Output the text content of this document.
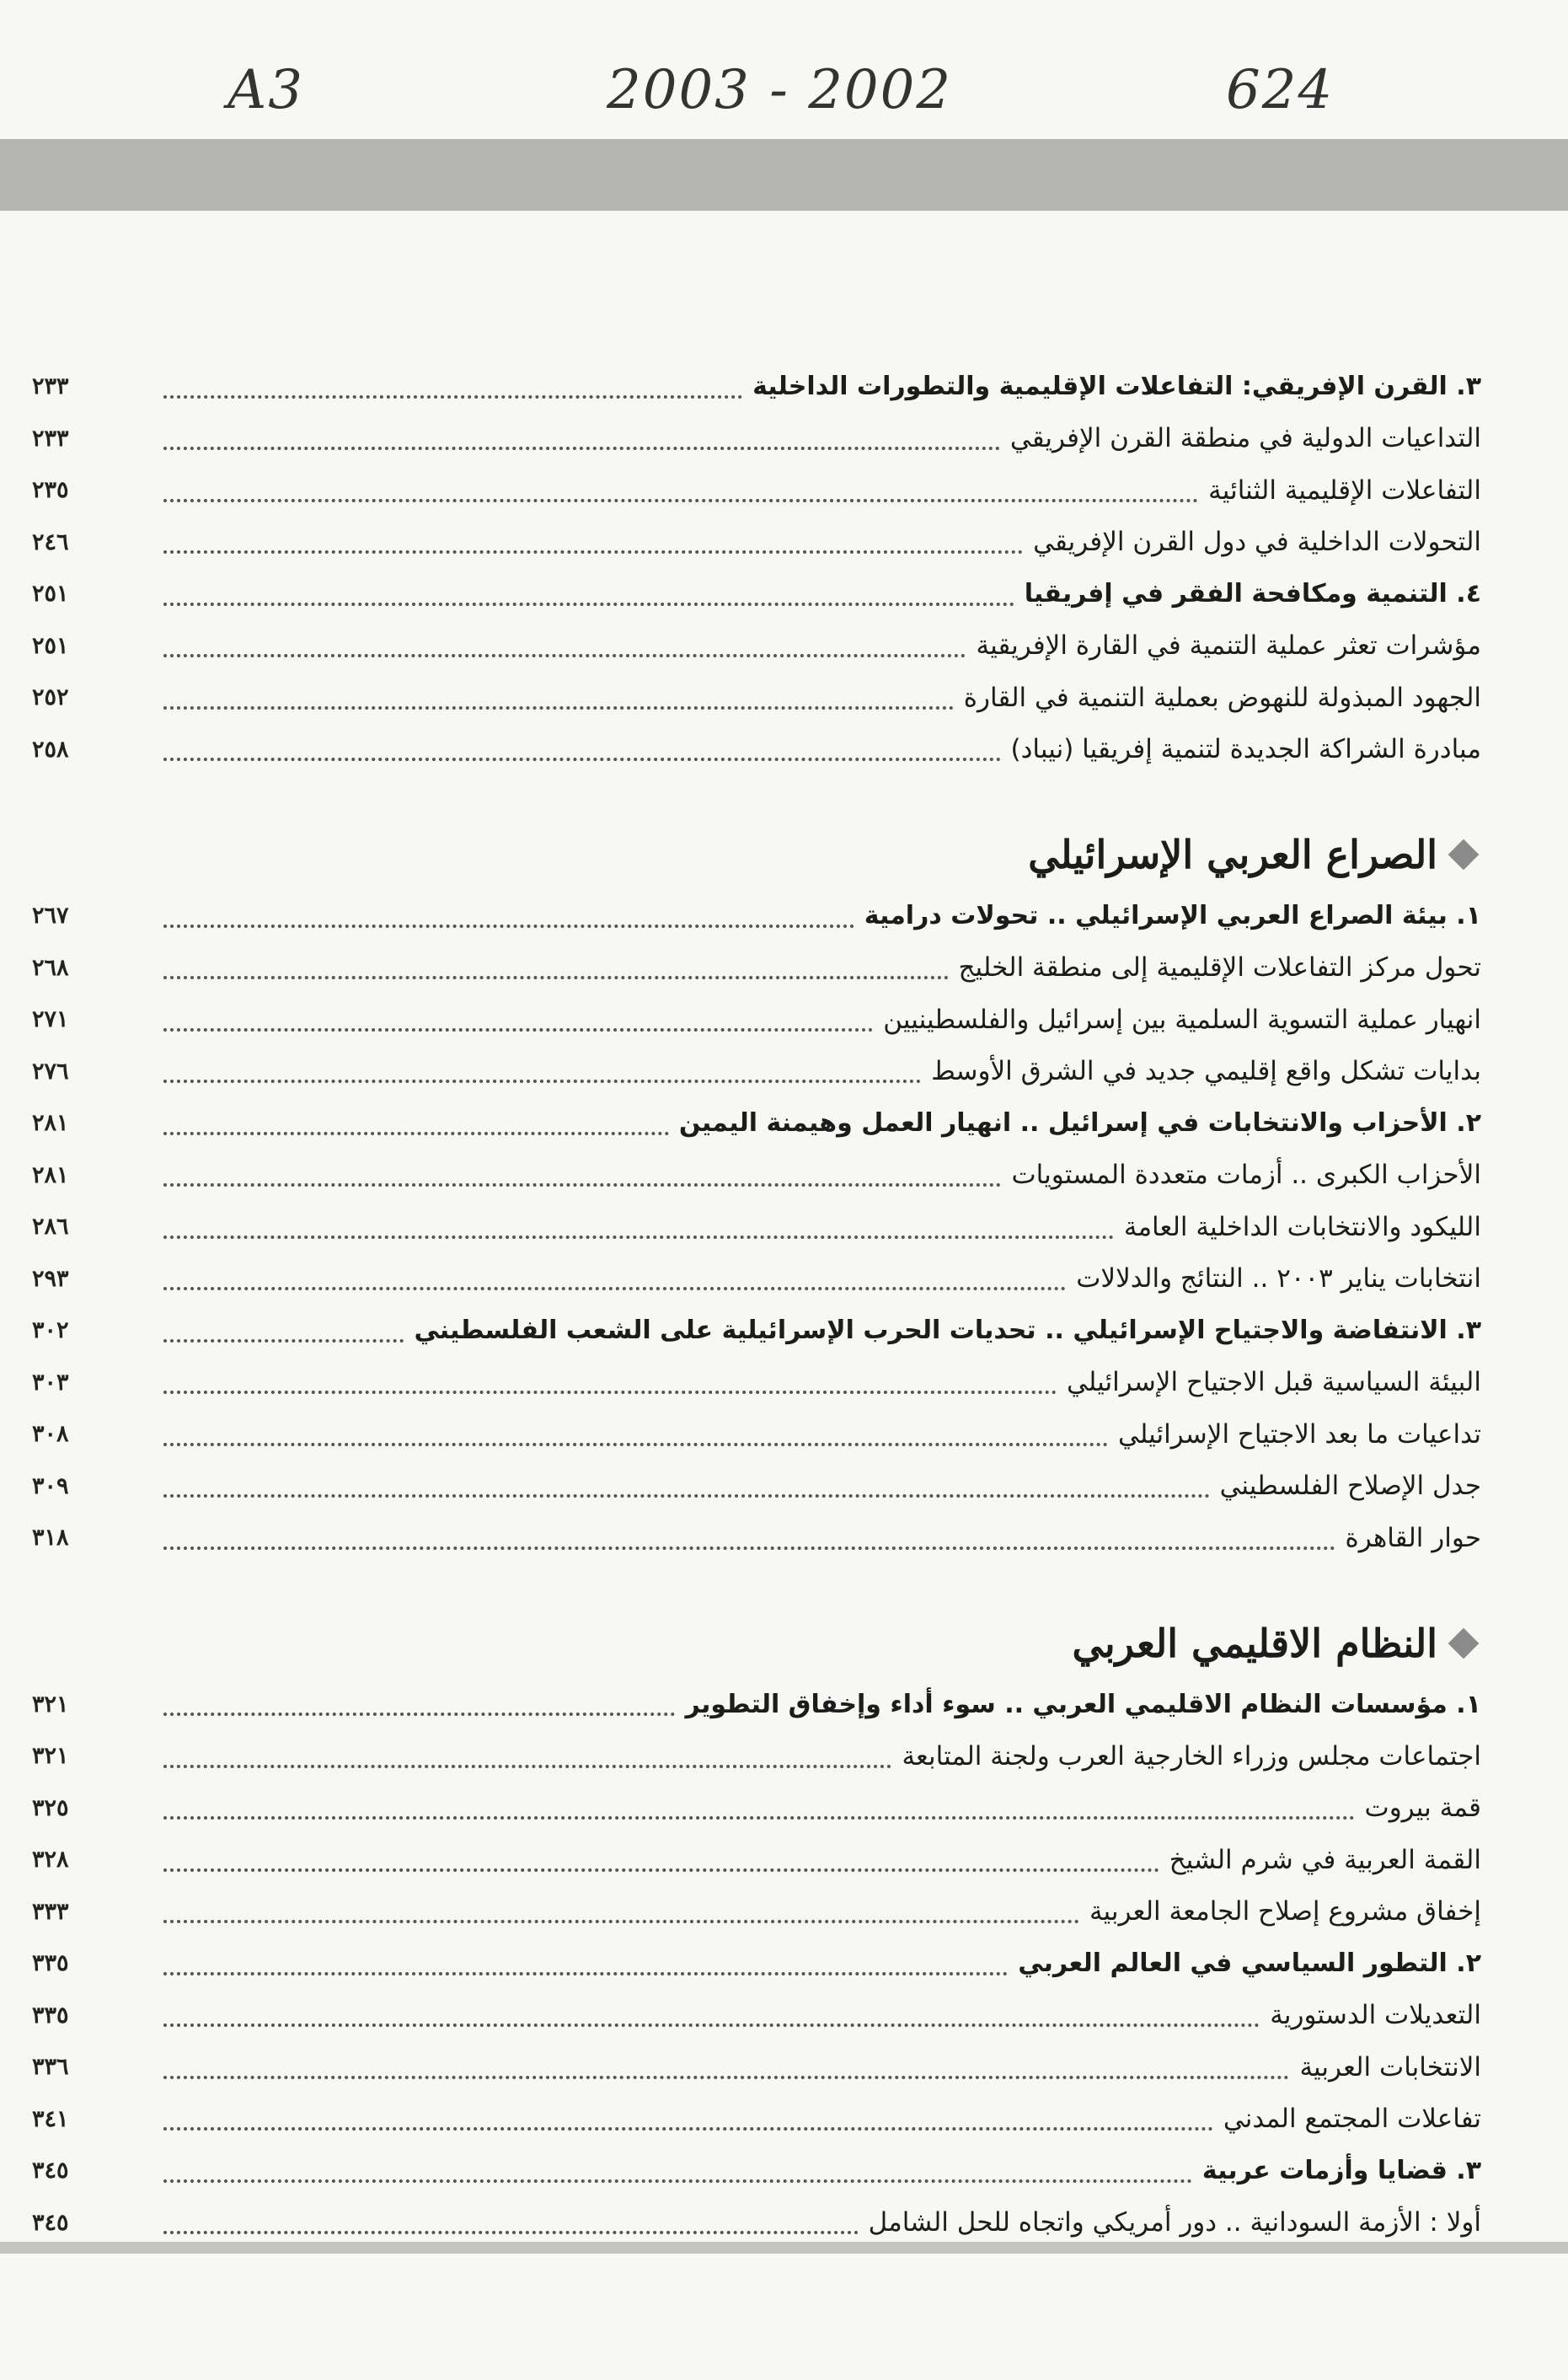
A3	2003 - 2002	624
٣. القرن الإفريقي: التفاعلات الإقليمية والتطورات الداخلية
٢٣٣
التداعيات الدولية في منطقة القرن الإفريقي
٢٣٣
التفاعلات الإقليمية الثنائية
٢٣٥
التحولات الداخلية في دول القرن الإفريقي
٢٤٦
٤. التنمية ومكافحة الفقر في إفريقيا
٢٥١
مؤشرات تعثر عملية التنمية في القارة الإفريقية
٢٥١
الجهود المبذولة للنهوض بعملية التنمية في القارة
٢٥٢
مبادرة الشراكة الجديدة لتنمية إفريقيا (نيباد)
٢٥٨
الصراع العربي الإسرائيلي
١. بيئة الصراع العربي الإسرائيلي .. تحولات درامية
٢٦٧
تحول مركز التفاعلات الإقليمية إلى منطقة الخليج
٢٦٨
انهيار عملية التسوية السلمية بين إسرائيل والفلسطينيين
٢٧١
بدايات تشكل واقع إقليمي جديد في الشرق الأوسط
٢٧٦
٢. الأحزاب والانتخابات في إسرائيل .. انهيار العمل وهيمنة اليمين
٢٨١
الأحزاب الكبرى .. أزمات متعددة المستويات
٢٨١
الليكود والانتخابات الداخلية العامة
٢٨٦
انتخابات يناير ٢٠٠٣ .. النتائج والدلالات
٢٩٣
٣. الانتفاضة والاجتياح الإسرائيلي .. تحديات الحرب الإسرائيلية على الشعب الفلسطيني
٣٠٢
البيئة السياسية قبل الاجتياح الإسرائيلي
٣٠٣
تداعيات ما بعد الاجتياح الإسرائيلي
٣٠٨
جدل الإصلاح الفلسطيني
٣٠٩
حوار القاهرة
٣١٨
النظام الاقليمي العربي
١. مؤسسات النظام الاقليمي العربي .. سوء أداء وإخفاق التطوير
٣٢١
اجتماعات مجلس وزراء الخارجية العرب ولجنة المتابعة
٣٢١
قمة بيروت
٣٢٥
القمة العربية في شرم الشيخ
٣٢٨
إخفاق مشروع إصلاح الجامعة العربية
٣٣٣
٢. التطور السياسي في العالم العربي
٣٣٥
التعديلات الدستورية
٣٣٥
الانتخابات العربية
٣٣٦
تفاعلات المجتمع المدني
٣٤١
٣. قضايا وأزمات عربية
٣٤٥
أولا : الأزمة السودانية .. دور أمريكي واتجاه للحل الشامل
٣٤٥
